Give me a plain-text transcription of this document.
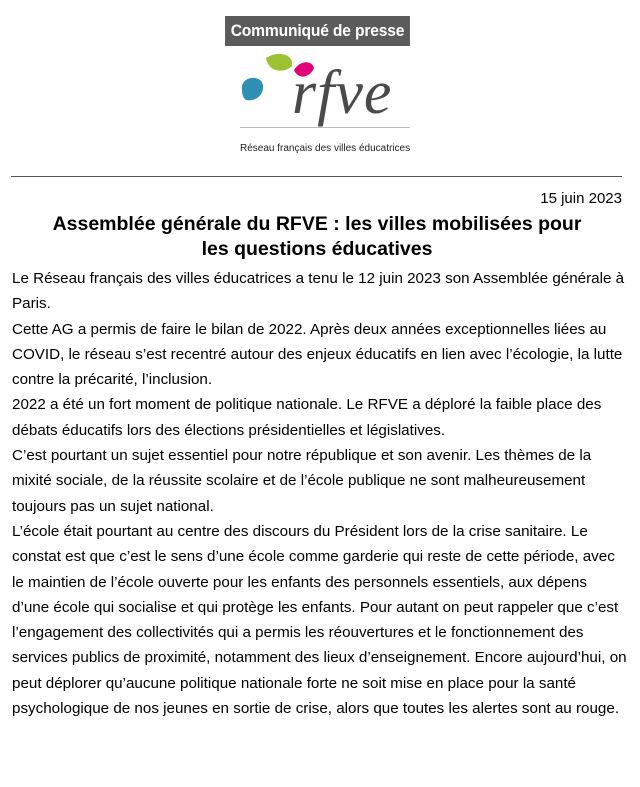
Communiqué de presse
rfve
Réseau français des villes éducatrices
15 juin 2023
Assemblée générale du RFVE : les villes mobilisées pour
les questions éducatives

Le Réseau français des villes éducatrices a tenu le 12 juin 2023 son Assemblée générale à Paris.

Cette AG a permis de faire le bilan de 2022. Après deux années exceptionnelles liées au COVID, le réseau s’est recentré autour des enjeux éducatifs en lien avec l’écologie, la lutte contre la précarité, l’inclusion.

2022 a été un fort moment de politique nationale. Le RFVE a déploré la faible place des débats éducatifs lors des élections présidentielles et législatives.

C’est pourtant un sujet essentiel pour notre république et son avenir. Les thèmes de la mixité sociale, de la réussite scolaire et de l’école publique ne sont malheureusement toujours pas un sujet national.

L’école était pourtant au centre des discours du Président lors de la crise sanitaire. Le constat est que c’est le sens d’une école comme garderie qui reste de cette période, avec le maintien de l’école ouverte pour les enfants des personnels essentiels, aux dépens d’une école qui socialise et qui protège les enfants. Pour autant on peut rappeler que c’est l’engagement des collectivités qui a permis les réouvertures et le fonctionnement des services publics de proximité, notamment des lieux d’enseignement. Encore aujourd’hui, on peut déplorer qu’aucune politique nationale forte ne soit mise en place pour la santé psychologique de nos jeunes en sortie de crise, alors que toutes les alertes sont au rouge.
